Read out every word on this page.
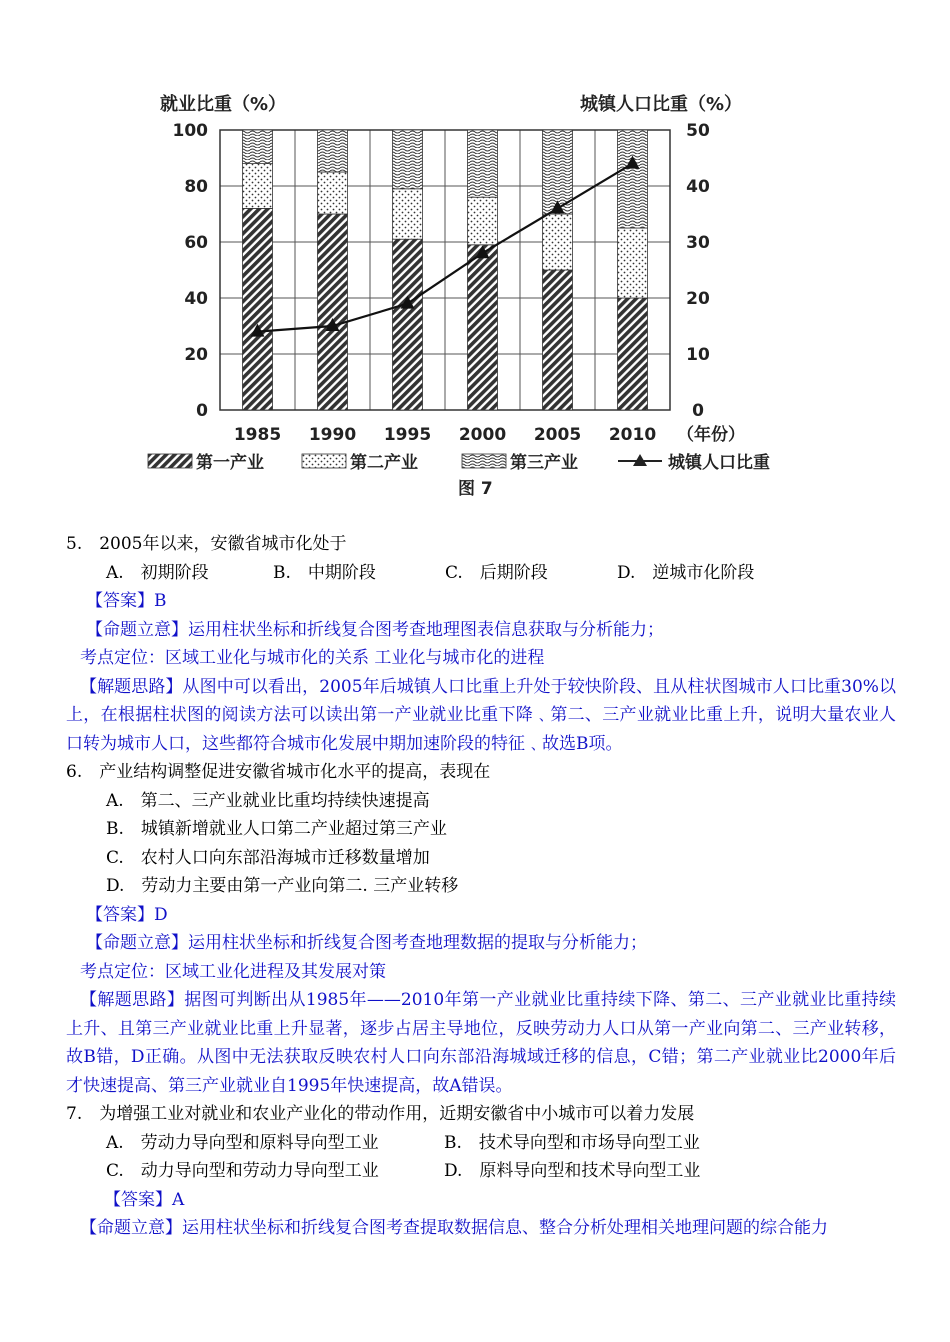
就业比重（%）	城镇人口比重（%）
100
80
60
40
20
0
50
40
30
20
10
0
1985 1990 1995 2000 2005 2010 （年份）
第一产业	第二产业	第三产业	城镇人口比重
图 7
5.　2005年以来，安徽省城市化处于
A.　初期阶段	B.　中期阶段	C.　后期阶段	D.　逆城市化阶段
【答案】B
【命题立意】运用柱状坐标和折线复合图考查地理图表信息获取与分析能力；
考点定位：区域工业化与城市化的关系 工业化与城市化的进程
【解题思路】从图中可以看出，2005年后城镇人口比重上升处于较快阶段、且从柱状图城市人口比重30%以上，在根据柱状图的阅读方法可以读出第一产业就业比重下降﹑第二、三产业就业比重上升，说明大量农业人口转为城市人口，这些都符合城市化发展中期加速阶段的特征﹑故选B项。
6.　产业结构调整促进安徽省城市化水平的提高，表现在
A.　第二、三产业就业比重均持续快速提高
B.　城镇新增就业人口第二产业超过第三产业
C.　农村人口向东部沿海城市迁移数量增加
D.　劳动力主要由第一产业向第二. 三产业转移
【答案】D
【命题立意】运用柱状坐标和折线复合图考查地理数据的提取与分析能力；
考点定位：区域工业化进程及其发展对策
【解题思路】据图可判断出从1985年——2010年第一产业就业比重持续下降、第二、三产业就业比重持续上升、且第三产业就业比重上升显著，逐步占居主导地位，反映劳动力人口从第一产业向第二、三产业转移，故B错，D正确。从图中无法获取反映农村人口向东部沿海城域迁移的信息，C错；第二产业就业比2000年后才快速提高、第三产业就业自1995年快速提高，故A错误。
7.　为增强工业对就业和农业产业化的带动作用，近期安徽省中小城市可以着力发展
A.　劳动力导向型和原料导向型工业	B.　技术导向型和市场导向型工业
C.　动力导向型和劳动力导向型工业	D.　原料导向型和技术导向型工业
【答案】A
【命题立意】运用柱状坐标和折线复合图考查提取数据信息、整合分析处理相关地理问题的综合能力
